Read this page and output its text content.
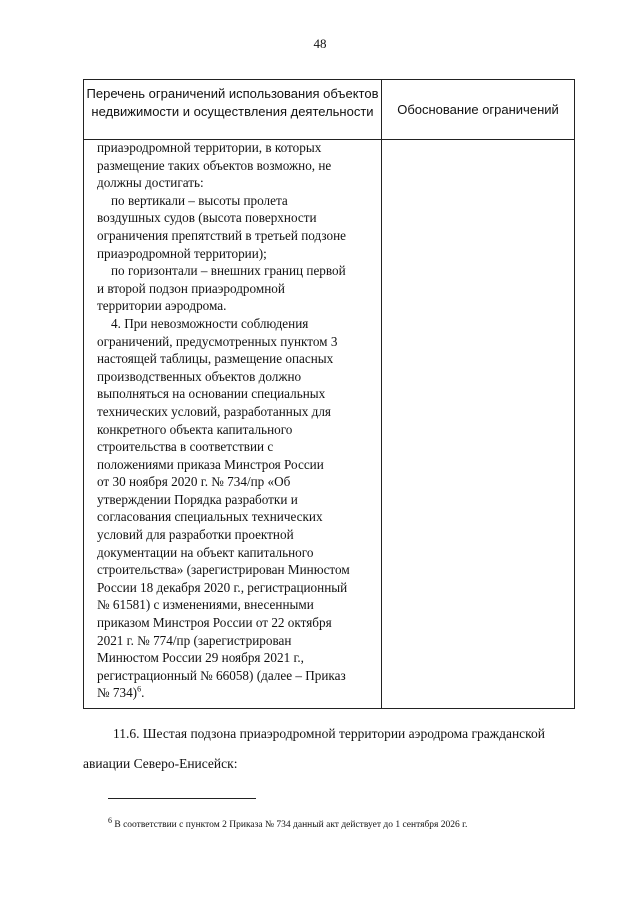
48
Перечень ограничений использования объектов недвижимости и осуществления деятельности	Обоснование ограничений

приаэродромной территории, в которых

размещение таких объектов возможно, не

должны достигать:

по вертикали – высоты пролета

воздушных судов (высота поверхности

ограничения препятствий в третьей подзоне

приаэродромной территории);

по горизонтали – внешних границ первой

и второй подзон приаэродромной

территории аэродрома.

4. При невозможности соблюдения

ограничений, предусмотренных пунктом 3

настоящей таблицы, размещение опасных

производственных объектов должно

выполняться на основании специальных

технических условий, разработанных для

конкретного объекта капитального

строительства в соответствии с

положениями приказа Минстроя России

от 30 ноября 2020 г. № 734/пр «Об

утверждении Порядка разработки и

согласования специальных технических

условий для разработки проектной

документации на объект капитального

строительства» (зарегистрирован Минюстом

России 18 декабря 2020 г., регистрационный

№ 61581) с изменениями, внесенными

приказом Минстроя России от 22 октября

2021 г. № 774/пр (зарегистрирован

Минюстом России 29 ноября 2021 г.,

регистрационный № 66058) (далее – Приказ

№ 734)$^6$.

11.6. Шестая подзона приаэродромной территории аэродрома гражданской
авиации Северо-Енисейск:
$^6$ В соответствии с пунктом 2 Приказа № 734 данный акт действует до 1 сентября 2026 г.
